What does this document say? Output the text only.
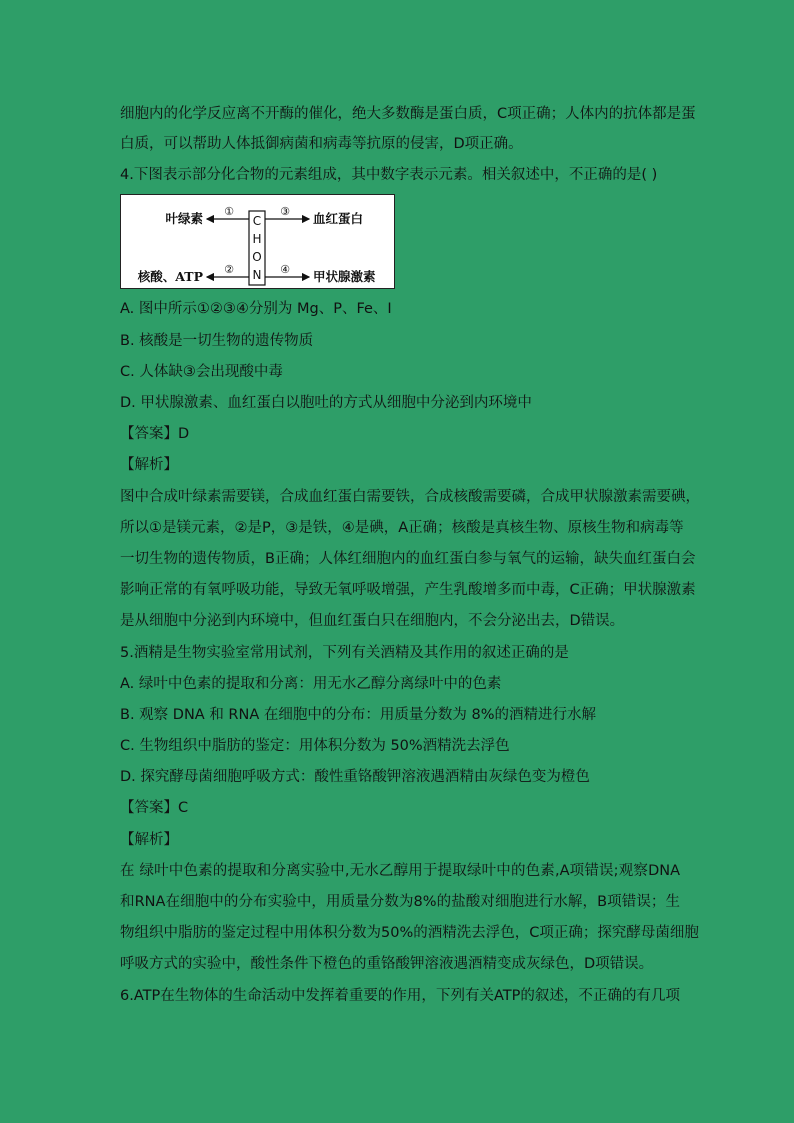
细胞内的化学反应离不开酶的催化，绝大多数酶是蛋白质，C项正确；人体内的抗体都是蛋
白质，可以帮助人体抵御病菌和病毒等抗原的侵害，D项正确。
4.下图表示部分化合物的元素组成，其中数字表示元素。相关叙述中，不正确的是( )
C
H
O
N
①
②
③
④
叶绿素
核酸、ATP
血红蛋白
甲状腺激素
A. 图中所示①②③④分别为 Mg、P、Fe、I
B. 核酸是一切生物的遗传物质
C. 人体缺③会出现酸中毒
D. 甲状腺激素、血红蛋白以胞吐的方式从细胞中分泌到内环境中
【答案】D
【解析】
图中合成叶绿素需要镁，合成血红蛋白需要铁，合成核酸需要磷，合成甲状腺激素需要碘，
所以①是镁元素，②是P，③是铁，④是碘，A正确；核酸是真核生物、原核生物和病毒等
一切生物的遗传物质，B正确；人体红细胞内的血红蛋白参与氧气的运输，缺失血红蛋白会
影响正常的有氧呼吸功能，导致无氧呼吸增强，产生乳酸增多而中毒，C正确；甲状腺激素
是从细胞中分泌到内环境中，但血红蛋白只在细胞内，不会分泌出去，D错误。
5.酒精是生物实验室常用试剂，下列有关酒精及其作用的叙述正确的是
A. 绿叶中色素的提取和分离：用无水乙醇分离绿叶中的色素
B. 观察 DNA 和 RNA 在细胞中的分布：用质量分数为 8%的酒精进行水解
C. 生物组织中脂肪的鉴定：用体积分数为 50%酒精洗去浮色
D. 探究酵母菌细胞呼吸方式：酸性重铬酸钾溶液遇酒精由灰绿色变为橙色
【答案】C
【解析】
在 绿叶中色素的提取和分离实验中,无水乙醇用于提取绿叶中的色素,A项错误;观察DNA
和RNA在细胞中的分布实验中，用质量分数为8%的盐酸对细胞进行水解，B项错误；生
物组织中脂肪的鉴定过程中用体积分数为50%的酒精洗去浮色，C项正确；探究酵母菌细胞
呼吸方式的实验中，酸性条件下橙色的重铬酸钾溶液遇酒精变成灰绿色，D项错误。
6.ATP在生物体的生命活动中发挥着重要的作用，下列有关ATP的叙述，不正确的有几项
